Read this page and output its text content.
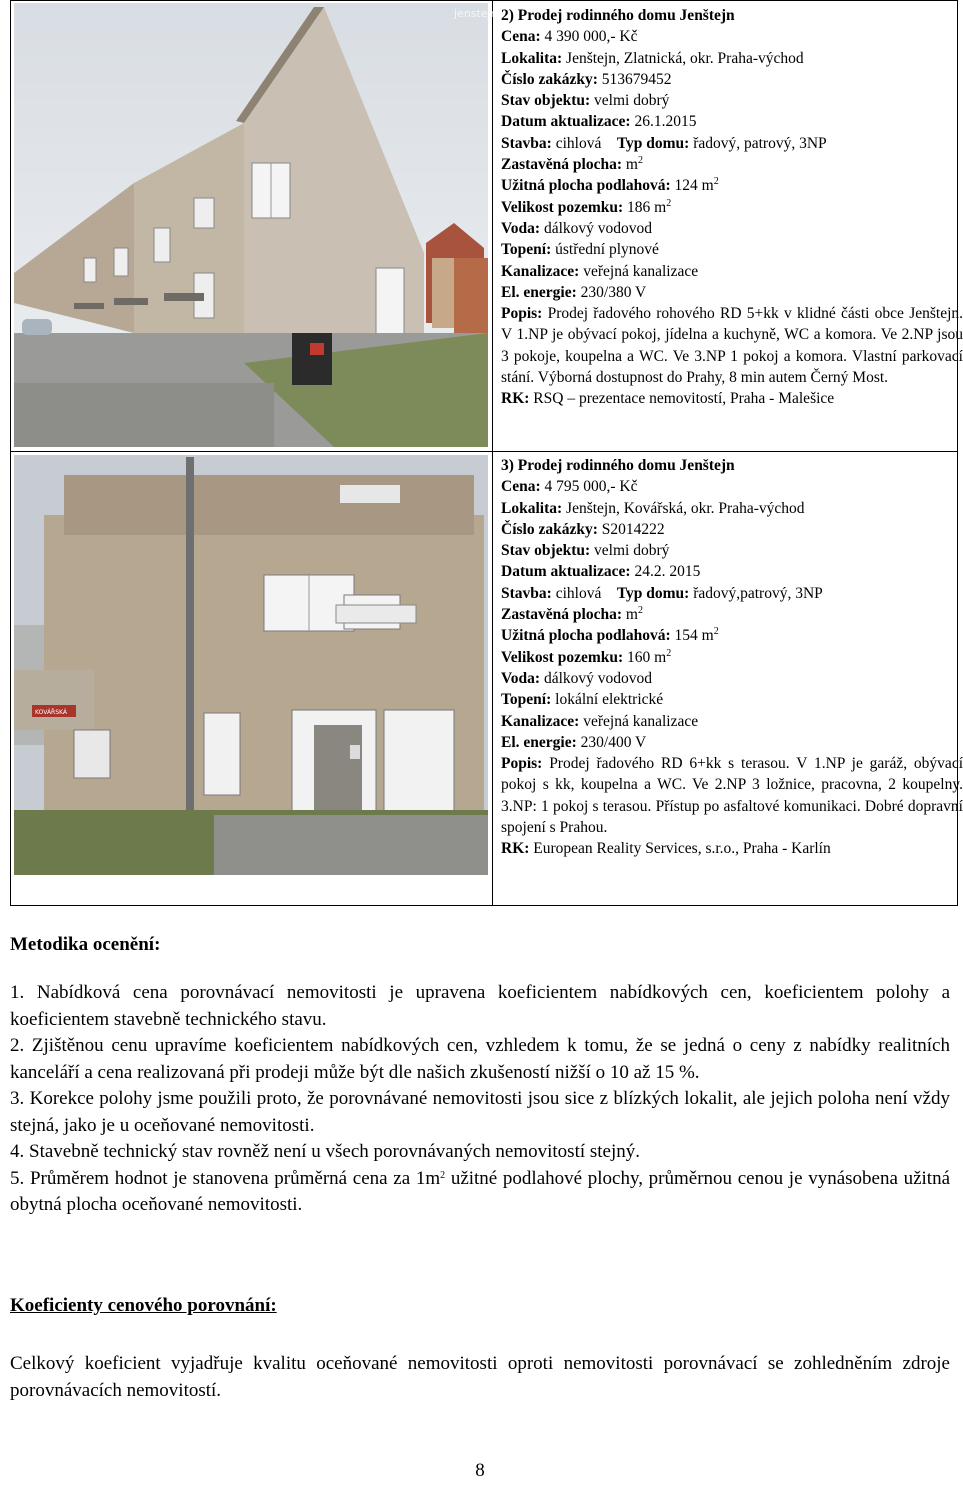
jenstejn
KOVÁŘSKÁ

2) Prodej rodinného domu Jenštejn

Cena: 4 390 000,- Kč

Lokalita: Jenštejn, Zlatnická, okr. Praha-východ

Číslo zakázky: 513679452

Stav objektu: velmi dobrý

Datum aktualizace: 26.1.2015

Stavba: cihlová Typ domu: řadový, patrový, 3NP

Zastavěná plocha: $m^2$

Užitná plocha podlahová: 124 $m^2$

Velikost pozemku: 186 $m^2$

Voda: dálkový vodovod

Topení: ústřední plynové

Kanalizace: veřejná kanalizace

El. energie: 230/380 V

Popis: Prodej řadového rohového RD 5+kk v klidné části obce Jenštejn. V 1.NP je obývací pokoj, jídelna a kuchyně, WC a komora. Ve 2.NP jsou 3 pokoje, koupelna a WC. Ve 3.NP 1 pokoj a komora. Vlastní parkovací stání. Výborná dostupnost do Prahy, 8 min autem Černý Most.

RK: RSQ – prezentace nemovitostí, Praha - Malešice

3) Prodej rodinného domu Jenštejn

Cena: 4 795 000,- Kč

Lokalita: Jenštejn, Kovářská, okr. Praha-východ

Číslo zakázky: S2014222

Stav objektu: velmi dobrý

Datum aktualizace: 24.2. 2015

Stavba: cihlová Typ domu: řadový,patrový, 3NP

Zastavěná plocha: $m^2$

Užitná plocha podlahová: 154 $m^2$

Velikost pozemku: 160 $m^2$

Voda: dálkový vodovod

Topení: lokální elektrické

Kanalizace: veřejná kanalizace

El. energie: 230/400 V

Popis: Prodej řadového RD 6+kk s terasou. V 1.NP je garáž, obývací pokoj s kk, koupelna a WC. Ve 2.NP 3 ložnice, pracovna, 2 koupelny. 3.NP: 1 pokoj s terasou. Přístup po asfaltové komunikaci. Dobré dopravní spojení s Prahou.

RK: European Reality Services, s.r.o., Praha - Karlín

Metodika ocenění:

1. Nabídková cena porovnávací nemovitosti je upravena koeficientem nabídkových cen, koeficientem polohy a koeficientem stavebně technického stavu.

2. Zjištěnou cenu upravíme koeficientem nabídkových cen, vzhledem k tomu, že se jedná o ceny z nabídky realitních kanceláří a cena realizovaná při prodeji může být dle našich zkušeností nižší o 10 až 15 %.

3. Korekce polohy jsme použili proto, že porovnávané nemovitosti jsou sice z blízkých lokalit, ale jejich poloha není vždy stejná, jako je u oceňované nemovitosti.

4. Stavebně technický stav rovněž není u všech porovnávaných nemovitostí stejný.

5. Průměrem hodnot je stanovena průměrná cena za $1m^2$ užitné podlahové plochy, průměrnou cenou je vynásobena užitná obytná plocha oceňované nemovitosti.

Koeficienty cenového porovnání:
Celkový koeficient vyjadřuje kvalitu oceňované nemovitosti oproti nemovitosti porovnávací se zohledněním zdroje porovnávacích nemovitostí.
8
